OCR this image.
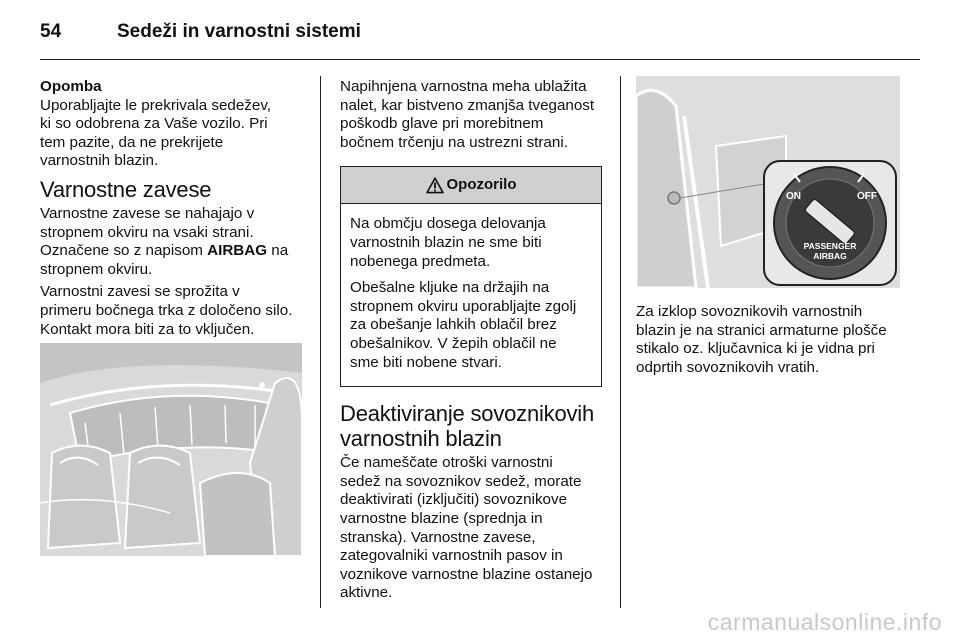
54	Sedeži in varnostni sistemi
Opomba
Uporabljajte le prekrivala sedežev,
ki so odobrena za Vaše vozilo. Pri
tem pazite, da ne prekrijete
varnostnih blazin.
Varnostne zavese

Varnostne zavese se nahajajo v
stropnem okviru na vsaki strani.
Označene so z napisom AIRBAG na
stropnem okviru.

Varnostni zavesi se sprožita v
primeru bočnega trka z določeno silo.
Kontakt mora biti za to vključen.

Napihnjena varnostna meha ublažita
nalet, kar bistveno zmanjša tveganost
poškodb glave pri morebitnem
bočnem trčenju na ustrezni strani.

Opozorilo

Na obmčju dosega delovanja
varnostnih blazin ne sme biti
nobenega predmeta.

Obešalne kljuke na držajih na
stropnem okviru uporabljajte zgolj
za obešanje lahkih oblačil brez
obešalnikov. V žepih oblačil ne
sme biti nobene stvari.

Deaktiviranje sovoznikovih
varnostnih blazin

Če nameščate otroški varnostni
sedež na sovoznikov sedež, morate
deaktivirati (izključiti) sovoznikove
varnostne blazine (sprednja in
stranska). Varnostne zavese,
zategovalniki varnostnih pasov in
voznikove varnostne blazine ostanejo
aktivne.

ON	OFF
PASSENGER
AIRBAG

Za izklop sovoznikovih varnostnih
blazin je na stranici armaturne plošče
stikalo oz. ključavnica ki je vidna pri
odprtih sovoznikovih vratih.

carmanualsonline.info
